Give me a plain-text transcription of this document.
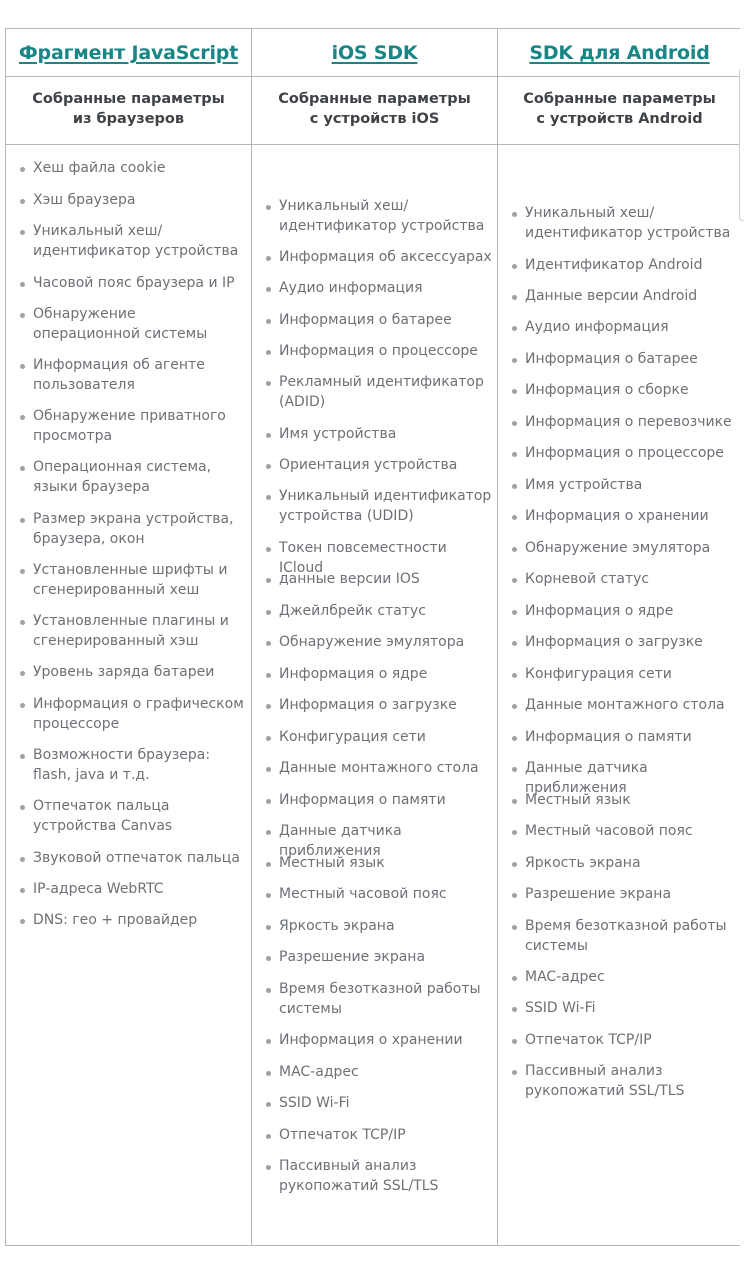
Фрагмент JavaScript
Собранные параметры
из браузеров
Хеш файла cookie
Хэш браузера
Уникальный хеш/ идентификатор устройства
Часовой пояс браузера и IP
Обнаружение операционной системы
Информация об агенте пользователя
Обнаружение приватного просмотра
Операционная система, языки браузера
Размер экрана устройства, браузера, окон
Установленные шрифты и сгенерированный хеш
Установленные плагины и сгенерированный хэш
Уровень заряда батареи
Информация о графическом процессоре
Возможности браузера: flash, java и т.д.
Отпечаток пальца устройства Canvas
Звуковой отпечаток пальца
IP-адреса WebRTC
DNS: гео + провайдер
iOS SDK
Собранные параметры
с устройств iOS
Уникальный хеш/ идентификатор устройства
Информация об аксессуарах
Аудио информация
Информация о батарее
Информация о процессоре
Рекламный идентификатор (ADID)
Имя устройства
Ориентация устройства
Уникальный идентификатор устройства (UDID)
Токен повсеместности ICloud
данные версии IOS
Джейлбрейк статус
Обнаружение эмулятора
Информация о ядре
Информация о загрузке
Конфигурация сети
Данные монтажного стола
Информация о памяти
Данные датчика приближения
Местный язык
Местный часовой пояс
Яркость экрана
Разрешение экрана
Время безотказной работы системы
Информация о хранении
MAC-адрес
SSID Wi-Fi
Отпечаток TCP/IP
Пассивный анализ рукопожатий SSL/TLS
SDK для Android
Собранные параметры
с устройств Android
Уникальный хеш/ идентификатор устройства
Идентификатор Android
Данные версии Android
Аудио информация
Информация о батарее
Информация о сборке
Информация о перевозчике
Информация о процессоре
Имя устройства
Информация о хранении
Обнаружение эмулятора
Корневой статус
Информация о ядре
Информация о загрузке
Конфигурация сети
Данные монтажного стола
Информация о памяти
Данные датчика приближения
Местный язык
Местный часовой пояс
Яркость экрана
Разрешение экрана
Время безотказной работы системы
MAC-адрес
SSID Wi-Fi
Отпечаток TCP/IP
Пассивный анализ рукопожатий SSL/TLS
